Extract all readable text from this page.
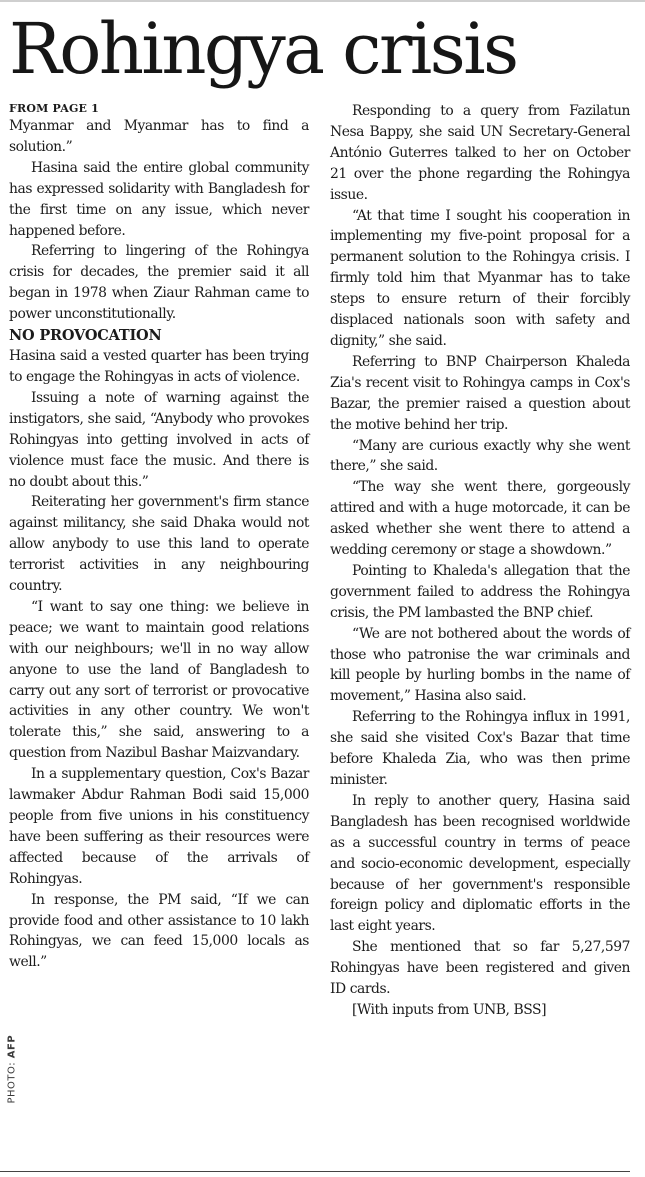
Rohingya crisis
FROM PAGE 1

Myanmar and Myanmar has to find a solution.”

Hasina said the entire global community has expressed solidarity with Bangladesh for the first time on any issue, which never happened before.

Referring to lingering of the Rohingya crisis for decades, the premier said it all began in 1978 when Ziaur Rahman came to power unconstitutionally.

NO PROVOCATION

Hasina said a vested quarter has been trying to engage the Rohingyas in acts of violence.

Issuing a note of warning against the instigators, she said, “Anybody who provokes Rohingyas into getting involved in acts of violence must face the music. And there is no doubt about this.”

Reiterating her government's firm stance against militancy, she said Dhaka would not allow anybody to use this land to operate terrorist activities in any neighbouring country.

“I want to say one thing: we believe in peace; we want to maintain good relations with our neighbours; we'll in no way allow anyone to use the land of Bangladesh to carry out any sort of terrorist or provocative activities in any other country. We won't tolerate this,” she said, answering to a question from Nazibul Bashar Maizvandary.

In a supplementary question, Cox's Bazar lawmaker Abdur Rahman Bodi said 15,000 people from five unions in his constituency have been suffering as their resources were affected because of the arrivals of Rohingyas.

In response, the PM said, “If we can provide food and other assistance to 10 lakh Rohingyas, we can feed 15,000 locals as well.”

Responding to a query from Fazilatun Nesa Bappy, she said UN Secretary-General António Guterres talked to her on October 21 over the phone regarding the Rohingya issue.

“At that time I sought his cooperation in implementing my five-point proposal for a permanent solution to the Rohingya crisis. I firmly told him that Myanmar has to take steps to ensure return of their forcibly displaced nationals soon with safety and dignity,” she said.

Referring to BNP Chairperson Khaleda Zia's recent visit to Rohingya camps in Cox's Bazar, the premier raised a question about the motive behind her trip.

“Many are curious exactly why she went there,” she said.

“The way she went there, gorgeously attired and with a huge motorcade, it can be asked whether she went there to attend a wedding ceremony or stage a showdown.”

Pointing to Khaleda's allegation that the government failed to address the Rohingya crisis, the PM lambasted the BNP chief.

“We are not bothered about the words of those who patronise the war criminals and kill people by hurling bombs in the name of movement,” Hasina also said.

Referring to the Rohingya influx in 1991, she said she visited Cox's Bazar that time before Khaleda Zia, who was then prime minister.

In reply to another query, Hasina said Bangladesh has been recognised worldwide as a successful country in terms of peace and socio-economic development, especially because of her government's responsible foreign policy and diplomatic efforts in the last eight years.

She mentioned that so far 5,27,597 Rohingyas have been registered and given ID cards.

[With inputs from UNB, BSS]

PHOTO: AFP
